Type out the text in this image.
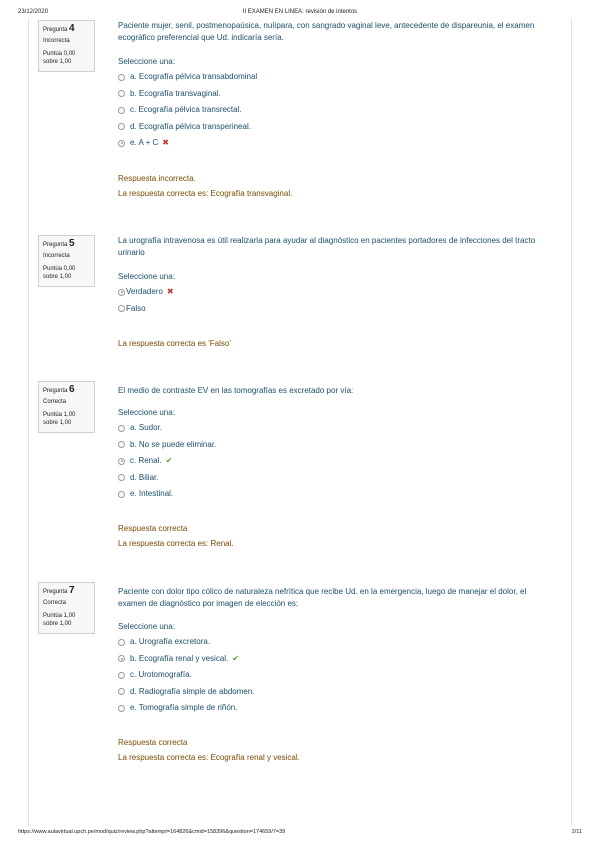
23/12/2020	II EXAMEN EN LINEA: revisión de intentos
Pregunta 4
Incorrecta
Puntúa 0,00
sobre 1,00
Paciente mujer, senil, postmenopaúsica, nulípara, con sangrado vaginal leve, antecedente de dispareunia, el examen ecográfico preferencial que Ud. indicaría sería.
Seleccione una:
a. Ecografía pélvica transabdominal
b. Ecografía transvaginal.
c. Ecografía pélvica transrectal.
d. Ecografía pélvica transperineal.
e. A + C ✖
Respuesta incorrecta.
La respuesta correcta es: Ecografía transvaginal.
Pregunta 5
Incorrecta
Puntúa 0,00
sobre 1,00
La urografía intravenosa es útil realizarla para ayudar al diagnóstico en pacientes portadores de infecciones del tracto urinario
Seleccione una:
Verdadero ✖
Falso
La respuesta correcta es 'Falso'
Pregunta 6
Correcta
Puntúa 1,00
sobre 1,00
El medio de contraste EV en las tomografías es excretado por vía:
Seleccione una:
a. Sudor.
b. No se puede eliminar.
c. Renal. ✔
d. Biliar.
e. Intestinal.
Respuesta correcta
La respuesta correcta es: Renal.
Pregunta 7
Correcta
Puntúa 1,00
sobre 1,00
Paciente con dolor tipo cólico de naturaleza nefrítica que recibe Ud. en la emergencia, luego de manejar el dolor, el examen de diagnóstico por imagen de elección es:
Seleccione una:
a. Urografía excretora.
b. Ecografía renal y vesical. ✔
c. Urotomografía.
d. Radiografía simple de abdomen.
e. Tomografía simple de riñón.
Respuesta correcta
La respuesta correcta es: Ecografía renal y vesical.
https://www.aulavirtual.upch.pe/mod/quiz/review.php?attempt=164826&cmid=158396&question=174659/7=39	2/11
